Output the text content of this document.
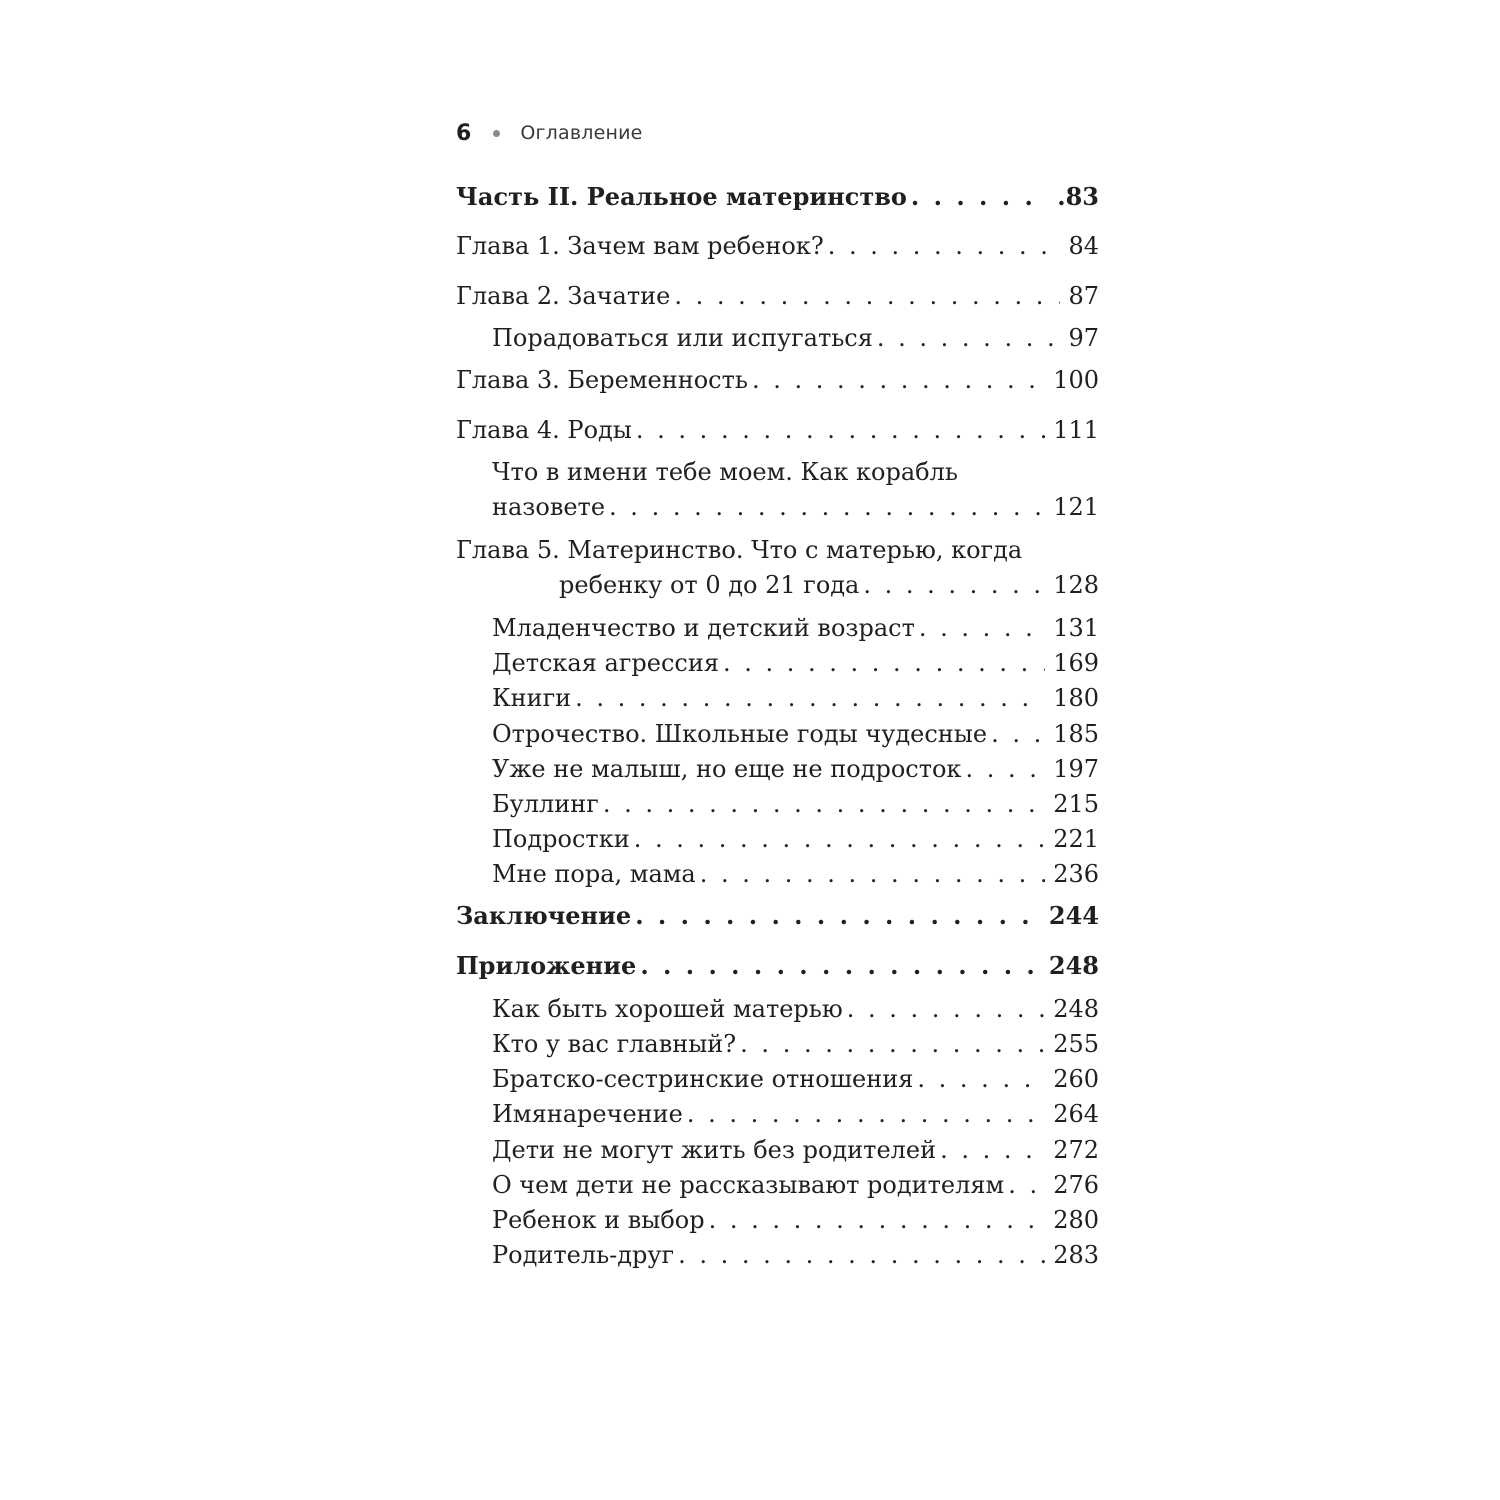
6	Оглавление
Часть II. Реальное материнство . . .	.83
Глава 1. Зачем вам ребенок? . . .	84
Глава 2. Зачатие . . .	87
Порадоваться или испугаться . . .	97
Глава 3. Беременность . . .	100
Глава 4. Роды . . .	111
Что в имени тебе моем. Как корабль
назовете . . .	121
Глава 5. Материнство. Что с матерью, когда
ребенку от 0 до 21 года . . .	128
Младенчество и детский возраст . . .	131
Детская агрессия . . .	169
Книги . . .	180
Отрочество. Школьные годы чудесные . . .	185
Уже не малыш, но еще не подросток . . .	197
Буллинг . . .	215
Подростки . . .	221
Мне пора, мама . . .	236
Заключение . . .	244
Приложение . . .	248
Как быть хорошей матерью . . .	248
Кто у вас главный? . . .	255
Братско-сестринские отношения . . .	260
Имянаречение . . .	264
Дети не могут жить без родителей . . .	272
О чем дети не рассказывают родителям . . . 276
Ребенок и выбор . . .	280
Родитель-друг . . .	283
